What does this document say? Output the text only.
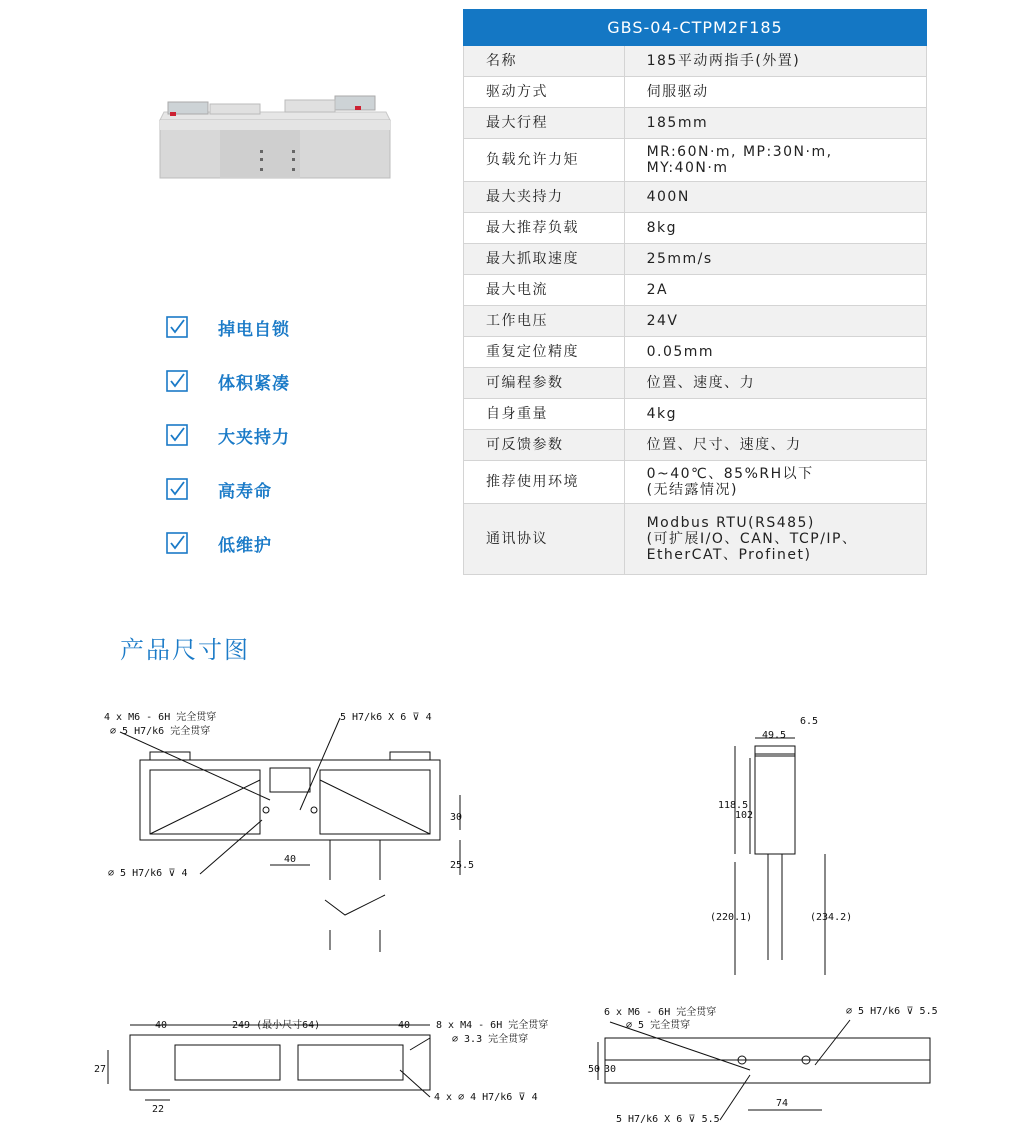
掉电自锁
体积紧凑
大夹持力
高寿命
低维护
GBS-04-CTPM2F185	
名称	185平动两指手(外置)
驱动方式	伺服驱动
最大行程	185mm
负载允许力矩	MR:60N·m, MP:30N·m,
MY:40N·m

最大夹持力	400N
最大推荐负载	8kg
最大抓取速度	25mm/s
最大电流	2A
工作电压	24V
重复定位精度	0.05mm
可编程参数	位置、速度、力
自身重量	4kg
可反馈参数	位置、尺寸、速度、力
推荐使用环境	0~40℃、85%RH以下
(无结露情况)

通讯协议	Modbus RTU(RS485)
(可扩展I/O、CAN、TCP/IP、
EtherCAT、Profinet)
产品尺寸图
4 x M6 - 6H 完全贯穿
∅ 5 H7/k6 完全贯穿
5 H7/k6 X 6 ⊽ 4
∅ 5 H7/k6 ⊽ 4
40
30
25.5
49.5
6.5
118.5
102
(220.1)	(234.2)
40	249 (最小尺寸64)	40	8 x M4 - 6H 完全贯穿
∅ 3.3 完全贯穿
27
22
4 x ∅ 4 H7/k6 ⊽ 4
6 x M6 - 6H 完全贯穿
∅ 5 完全贯穿
∅ 5 H7/k6 ⊽ 5.5
5 H7/k6 X 6 ⊽ 5.5
50 30
74
